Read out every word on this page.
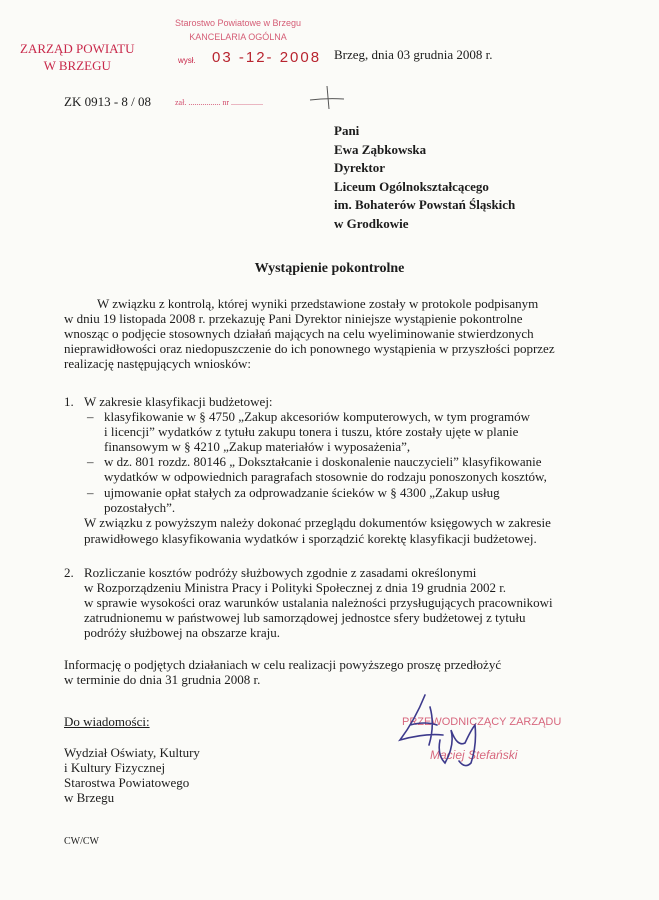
Starostwo Powiatowe w Brzegu
KANCELARIA OGÓLNA
ZARZĄD POWIATU
W BRZEGU	wysł. 03 -12- 2008
zał. ................ nr ................
Brzeg, dnia 03 grudnia 2008 r.
ZK 0913 - 8 / 08
Pani
Ewa Ząbkowska
Dyrektor
Liceum Ogólnokształcącego
im. Bohaterów Powstań Śląskich
w Grodkowie
Wystąpienie pokontrolne
W związku z kontrolą, której wyniki przedstawione zostały w protokole podpisanym
w dniu 19 listopada 2008 r. przekazuję Pani Dyrektor niniejsze wystąpienie pokontrolne
wnosząc o podjęcie stosownych działań mających na celu wyeliminowanie stwierdzonych
nieprawidłowości oraz niedopuszczenie do ich ponownego wystąpienia w przyszłości poprzez
realizację następujących wniosków:
1. W zakresie klasyfikacji budżetowej:
– klasyfikowanie w § 4750 „Zakup akcesoriów komputerowych, w tym programów
i licencji” wydatków z tytułu zakupu tonera i tuszu, które zostały ujęte w planie
finansowym w § 4210 „Zakup materiałów i wyposażenia”,
– w dz. 801 rozdz. 80146 „ Dokształcanie i doskonalenie nauczycieli” klasyfikowanie
wydatków w odpowiednich paragrafach stosownie do rodzaju ponoszonych kosztów,
– ujmowanie opłat stałych za odprowadzanie ścieków w § 4300 „Zakup usług
pozostałych”.
W związku z powyższym należy dokonać przeglądu dokumentów księgowych w zakresie
prawidłowego klasyfikowania wydatków i sporządzić korektę klasyfikacji budżetowej.
2. Rozliczanie kosztów podróży służbowych zgodnie z zasadami określonymi
w Rozporządzeniu Ministra Pracy i Polityki Społecznej z dnia 19 grudnia 2002 r.
w sprawie wysokości oraz warunków ustalania należności przysługujących pracownikowi
zatrudnionemu w państwowej lub samorządowej jednostce sfery budżetowej z tytułu
podróży służbowej na obszarze kraju.
Informację o podjętych działaniach w celu realizacji powyższego proszę przedłożyć
w terminie do dnia 31 grudnia 2008 r.
Do wiadomości:
Wydział Oświaty, Kultury
i Kultury Fizycznej
Starostwa Powiatowego
w Brzegu
PRZEWODNICZĄCY ZARZĄDU
Maciej Stefański
CW/CW
